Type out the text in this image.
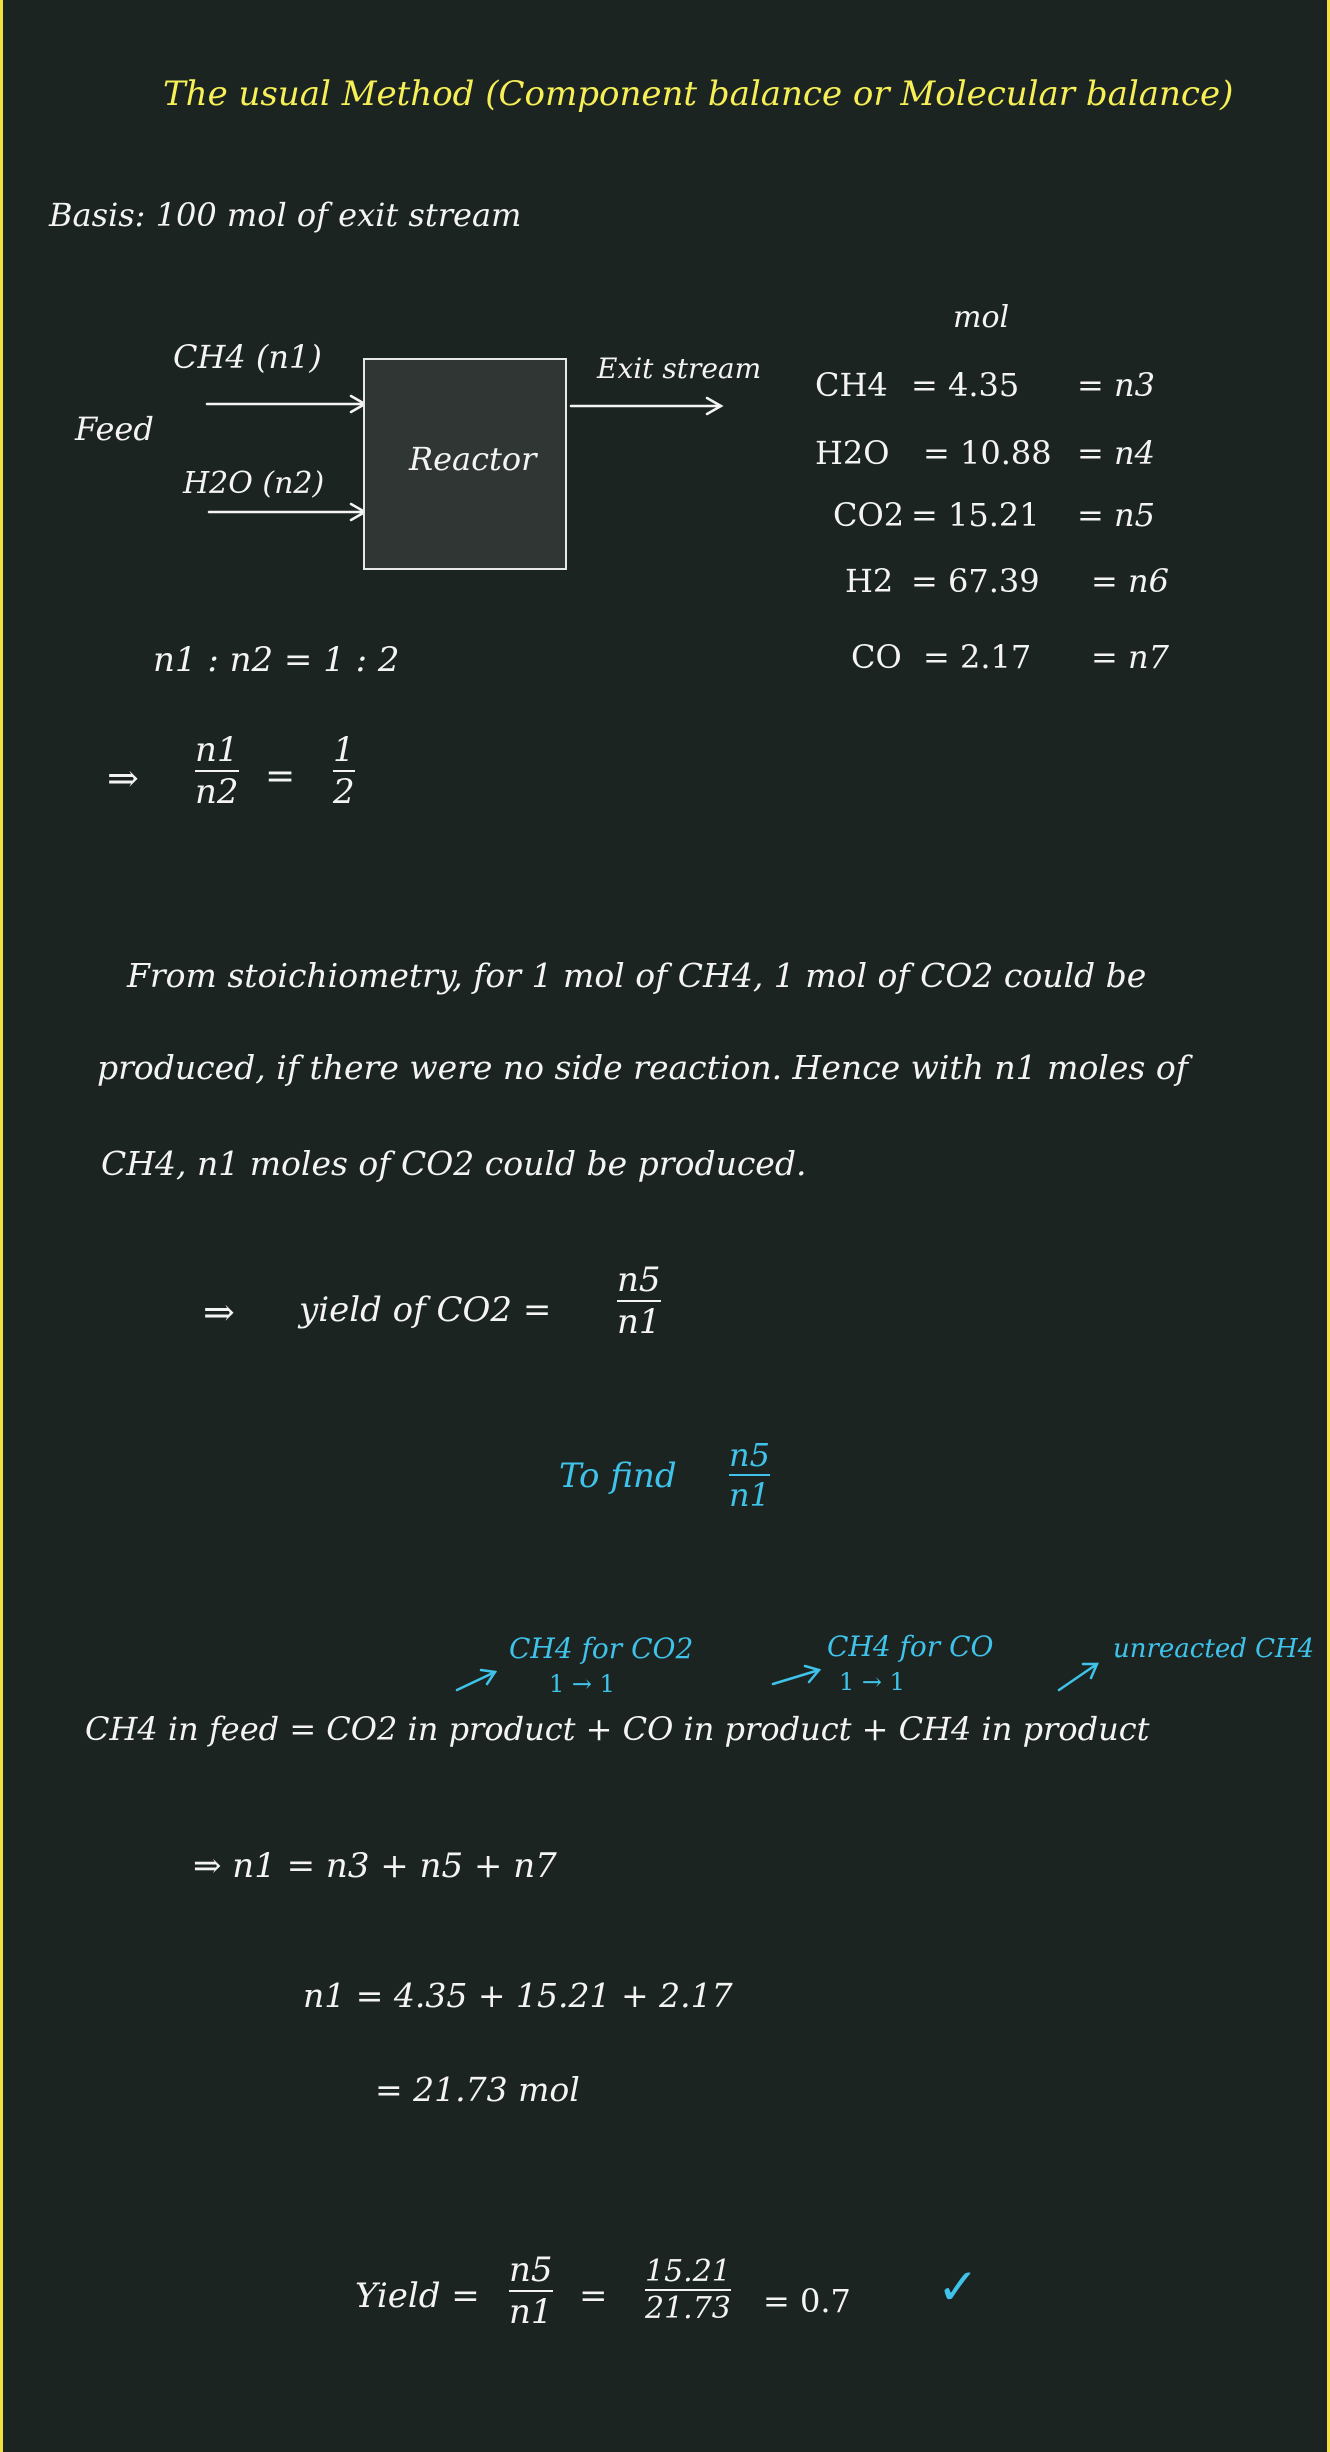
The usual Method (Component balance or Molecular balance)
Basis: 100 mol of exit stream
Feed
CH4 (n1)
H2O (n2)
Reactor
Exit stream
mol
CH4 = 4.35 = n3
H2O = 10.88 = n4
CO2 = 15.21 = n5
H2 = 67.39 = n6
CO = 2.17 = n7
n1 : n2 = 1 : 2
⇒
n1
n2 =
1
2
From stoichiometry, for 1 mol of CH4, 1 mol of CO2 could be
produced, if there were no side reaction. Hence with n1 moles of
CH4, n1 moles of CO2 could be produced.
⇒ yield of CO2 =
n5
n1
To find
n5
n1
CH4 for CO2
1 → 1
CH4 for CO
1 → 1
unreacted CH4
CH4 in feed = CO2 in product + CO in product + CH4 in product
⇒ n1 = n3 + n5 + n7
n1 = 4.35 + 15.21 + 2.17
= 21.73 mol
Yield =
n5
n1 =
15.21
21.73 = 0.7 ✓
